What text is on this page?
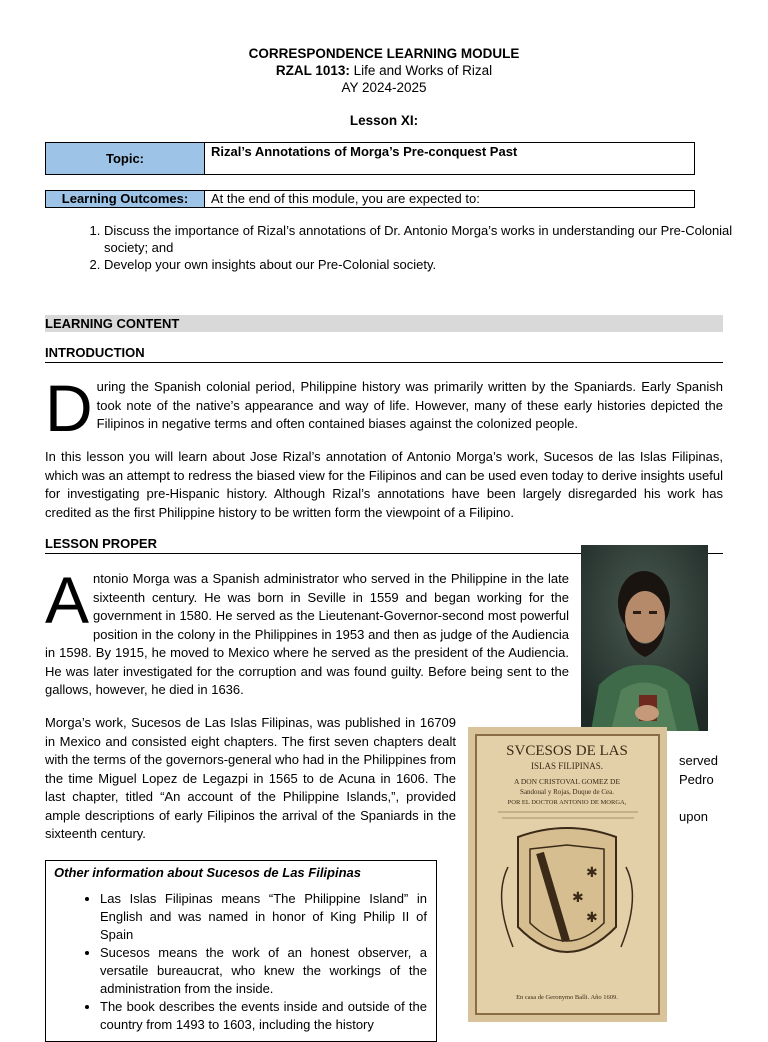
CORRESPONDENCE LEARNING MODULE
RZAL 1013: Life and Works of Rizal
AY 2024-2025
Lesson XI:
Topic:	Rizal’s Annotations of Morga’s Pre-conquest Past
Learning Outcomes:	At the end of this module, you are expected to:
1. Discuss the importance of Rizal’s annotations of Dr. Antonio Morga’s works in understanding our Pre-Colonial society; and
2. Develop your own insights about our Pre-Colonial society.
LEARNING CONTENT
INTRODUCTION
During the Spanish colonial period, Philippine history was primarily written by the Spaniards. Early Spanish took note of the native’s appearance and way of life. However, many of these early histories depicted the Filipinos in negative terms and often contained biases against the colonized people.
In this lesson you will learn about Jose Rizal’s annotation of Antonio Morga’s work, Sucesos de las Islas Filipinas, which was an attempt to redress the biased view for the Filipinos and can be used even today to derive insights useful for investigating pre-Hispanic history. Although Rizal’s annotations have been largely disregarded his work has credited as the first Philippine history to be written form the viewpoint of a Filipino.
LESSON PROPER
Antonio Morga was a Spanish administrator who served in the Philippine in the late sixteenth century. He was born in Seville in 1559 and began working for the government in 1580. He served as the Lieutenant-Governor-second most powerful position in the colony in the Philippines in 1953 and then as judge of the Audiencia in 1598. By 1915, he moved to Mexico where he served as the president of the Audiencia. He was later investigated for the corruption and was found guilty. Before being sent to the gallows, however, he died in 1636.
Morga’s work, Sucesos de Las Islas Filipinas, was published in 16709 in Mexico and consisted eight chapters. The first seven chapters dealt with the terms of the governors-general who had in the Philippines from the time Miguel Lopez de Legazpi in 1565 to de Acuna in 1606. The last chapter, titled “An account of the Philippine Islands,”, provided ample descriptions of early Filipinos the arrival of the Spaniards in the sixteenth century.
served
Pedro
upon
Other information about Sucesos de Las Filipinas
• Las Islas Filipinas means “The Philippine Island” in English and was named in honor of King Philip II of Spain
• Sucesos means the work of an honest observer, a versatile bureaucrat, who knew the workings of the administration from the inside.
• The book describes the events inside and outside of the country from 1493 to 1603, including the history
SVCESOS DE LAS
ISLAS FILIPINAS.
A DON CRISTOVAL GOMEZ DE
Sandoual y Rojas, Duque de Cea.
POR EL DOCTOR ANTONIO DE MORGA,
✱
✱
✱
En casa de Geronymo Balli. Año 1609.
